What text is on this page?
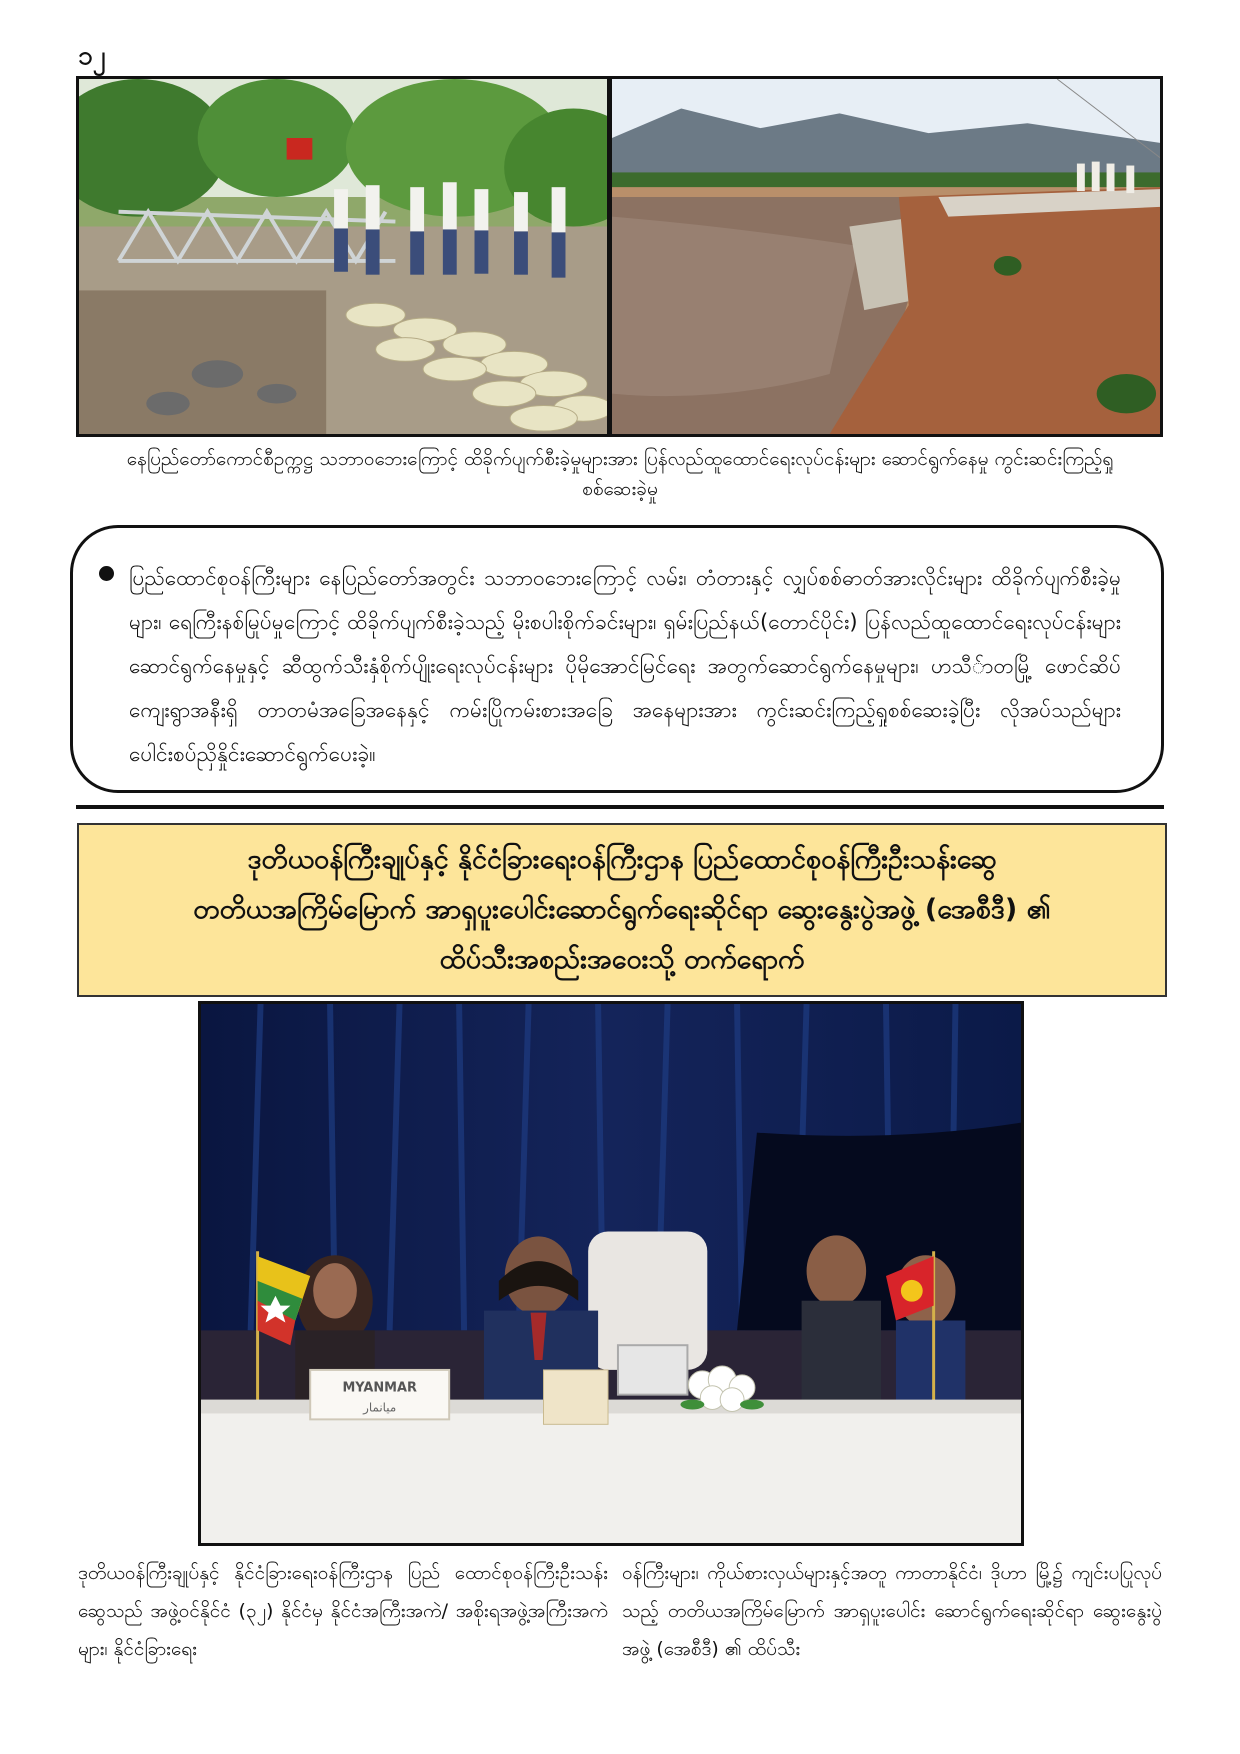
၁၂
နေပြည်တော်ကောင်စီဥက္ကဋ္ဌ သဘာဝဘေးကြောင့် ထိခိုက်ပျက်စီးခဲ့မှုများအား ပြန်လည်ထူထောင်ရေးလုပ်ငန်းများ ဆောင်ရွက်နေမှု ကွင်းဆင်းကြည့်ရှုစစ်ဆေးခဲ့မှု
ပြည်ထောင်စုဝန်ကြီးများ နေပြည်တော်အတွင်း သဘာဝဘေးကြောင့် လမ်း၊ တံတားနှင့် လျှပ်စစ်ဓာတ်အားလိုင်းများ ထိခိုက်ပျက်စီးခဲ့မှုများ၊ ရေကြီးနစ်မြုပ်မှုကြောင့် ထိခိုက်ပျက်စီးခဲ့သည့် မိုးစပါးစိုက်ခင်းများ၊ ရှမ်းပြည်နယ်(တောင်ပိုင်း) ပြန်လည်ထူထောင်ရေးလုပ်ငန်းများဆောင်ရွက်နေမှုနှင့် ဆီထွက်သီးနှံစိုက်ပျိုးရေးလုပ်ငန်းများ ပိုမိုအောင်မြင်ရေး အတွက်ဆောင်ရွက်နေမှုများ၊ ဟသီ်ာတမြို့ ဖောင်ဆိပ်ကျေးရွာအနီးရှိ တာတမံအခြေအနေနှင့် ကမ်းပြိုကမ်းစားအခြေ အနေများအား ကွင်းဆင်းကြည့်ရှုစစ်ဆေးခဲ့ပြီး လိုအပ်သည်များပေါင်းစပ်ညှိနှိုင်းဆောင်ရွက်ပေးခဲ့။
ဒုတိယဝန်ကြီးချုပ်နှင့် နိုင်ငံခြားရေးဝန်ကြီးဌာန ပြည်ထောင်စုဝန်ကြီးဦးသန်းဆွေ
တတိယအကြိမ်မြောက် အာရှပူးပေါင်းဆောင်ရွက်ရေးဆိုင်ရာ ဆွေးနွေးပွဲအဖွဲ့ (အေစီဒီ) ၏
ထိပ်သီးအစည်းအဝေးသို့ တက်ရောက်
MYANMAR
ميانمار
ဒုတိယဝန်ကြီးချုပ်နှင့် နိုင်ငံခြားရေးဝန်ကြီးဌာန ပြည် ထောင်စုဝန်ကြီးဦးသန်းဆွေသည် အဖွဲ့ဝင်နိုင်ငံ (၃၂) နိုင်ငံမှ နိုင်ငံအကြီးအကဲ/ အစိုးရအဖွဲ့အကြီးအကဲများ၊ နိုင်ငံခြားရေး
ဝန်ကြီးများ၊ ကိုယ်စားလှယ်များနှင့်အတူ ကာတာနိုင်ငံ၊ ဒိုဟာ မြို့၌ ကျင်းပပြုလုပ်သည့် တတိယအကြိမ်မြောက် အာရှပူးပေါင်း ဆောင်ရွက်ရေးဆိုင်ရာ ဆွေးနွေးပွဲအဖွဲ့ (အေစီဒီ) ၏ ထိပ်သီး
